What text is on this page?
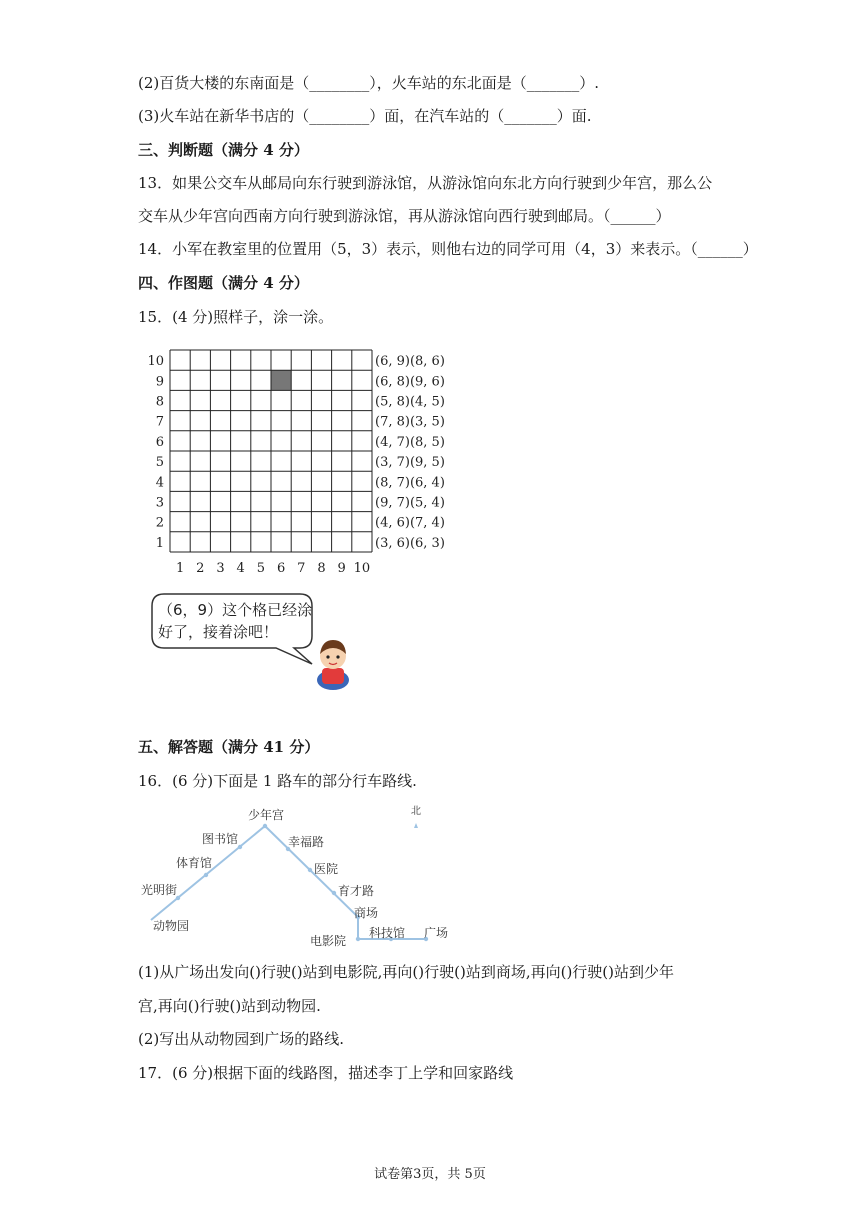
(2)百货大楼的东南面是（________），火车站的东北面是（_______）.
(3)火车站在新华书店的（________）面，在汽车站的（_______）面.
三、判断题（满分 4 分）
13．如果公交车从邮局向东行驶到游泳馆，从游泳馆向东北方向行驶到少年宫，那么公
交车从少年宫向西南方向行驶到游泳馆，再从游泳馆向西行驶到邮局。（______）
14．小军在教室里的位置用（5，3）表示，则他右边的同学可用（4，3）来表示。（______）
四、作图题（满分 4 分）
15．(4 分)照样子，涂一涂。
10
9
8
7
6
5
4
3
2
1
1 2 3 4 5 6 7 8 9 10
(6, 9)(8, 6)
(6, 8)(9, 6)
(5, 8)(4, 5)
(7, 8)(3, 5)
(4, 7)(8, 5)
(3, 7)(9, 5)
(8, 7)(6, 4)
(9, 7)(5, 4)
(4, 6)(7, 4)
(3, 6)(6, 3)
（6，9）这个格已经涂
好了，接着涂吧！
五、解答题（满分 41 分）
16．(6 分)下面是 1 路车的部分行车路线.
少年宫
图书馆
体育馆
光明街
动物园
幸福路
医院
育才路
商场
电影院
科技馆 广场
北
(1)从广场出发向()行驶()站到电影院,再向()行驶()站到商场,再向()行驶()站到少年
宫,再向()行驶()站到动物园.
(2)写出从动物园到广场的路线.
17．(6 分)根据下面的线路图，描述李丁上学和回家路线
试卷第3页，共 5页
